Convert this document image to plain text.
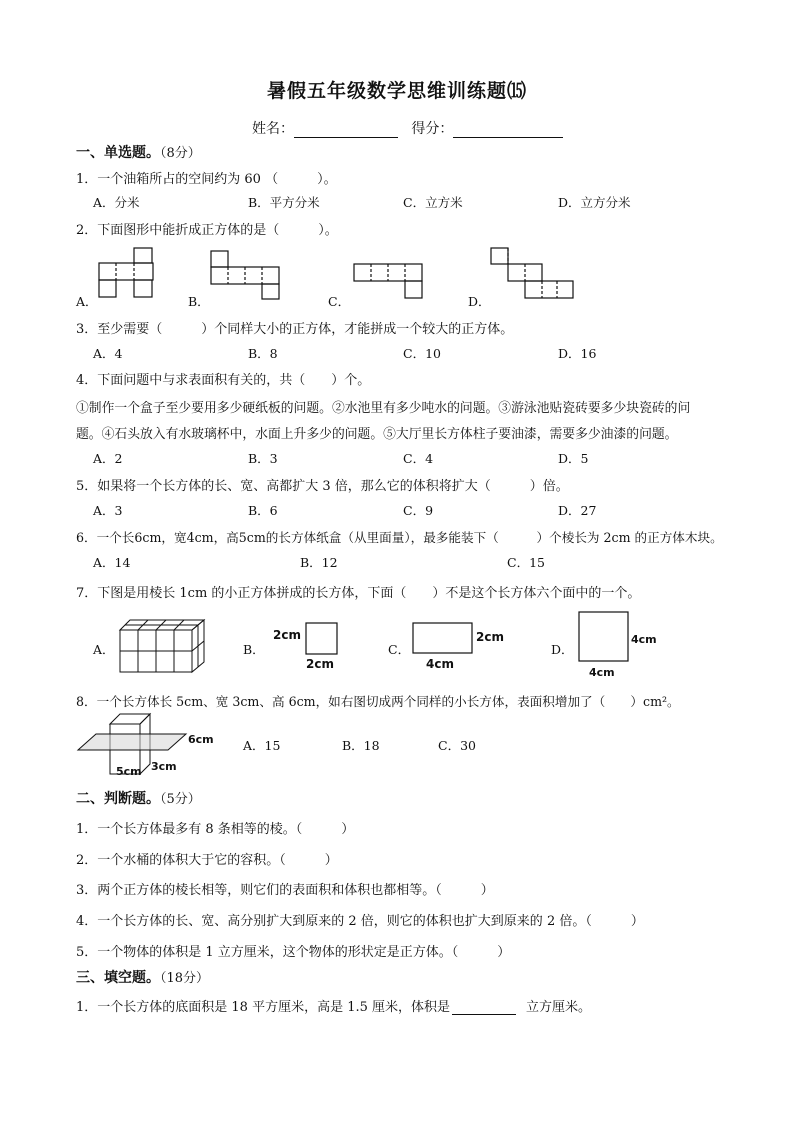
暑假五年级数学思维训练题⒂
姓名：	得分：
一、单选题。（8分）
1．一个油箱所占的空间约为 60 （　　　）。
A．分米	B．平方分米	C．立方米	D．立方分米
2．下面图形中能折成正方体的是（　　　）。
A．	B．	C．	D．
3．至少需要（　　　）个同样大小的正方体，才能拼成一个较大的正方体。
A．4	B．8	C．10	D．16
4．下面问题中与求表面积有关的，共（　　）个。
①制作一个盒子至少要用多少硬纸板的问题。②水池里有多少吨水的问题。③游泳池贴瓷砖要多少块瓷砖的问
题。④石头放入有水玻璃杯中，水面上升多少的问题。⑤大厅里长方体柱子要油漆，需要多少油漆的问题。
A．2	B．3	C．4	D．5
5．如果将一个长方体的长、宽、高都扩大 3 倍，那么它的体积将扩大（　　　）倍。
A．3	B．6	C．9	D．27
6．一个长6cm，宽4cm，高5cm的长方体纸盒（从里面量），最多能装下（　　　）个棱长为 2cm 的正方体木块。
A．14	B．12	C．15
7．下图是用棱长 1cm 的小正方体拼成的长方体，下面（　　）不是这个长方体六个面中的一个。
A．	B．	C．	D．
2cm
2cm
2cm
4cm
4cm
4cm
8．一个长方体长 5cm、宽 3cm、高 6cm，如右图切成两个同样的小长方体，表面积增加了（　　）cm²。
6cm
5cm 3cm
A．15	B．18	C．30
二、判断题。（5分）
1．一个长方体最多有 8 条相等的棱。（　　　）
2．一个水桶的体积大于它的容积。（　　　）
3．两个正方体的棱长相等，则它们的表面积和体积也都相等。（　　　）
4．一个长方体的长、宽、高分别扩大到原来的 2 倍，则它的体积也扩大到原来的 2 倍。（　　　）
5．一个物体的体积是 1 立方厘米，这个物体的形状定是正方体。（　　　）
三、填空题。（18分）
1．一个长方体的底面积是 18 平方厘米，高是 1.5 厘米，体积是	立方厘米。
